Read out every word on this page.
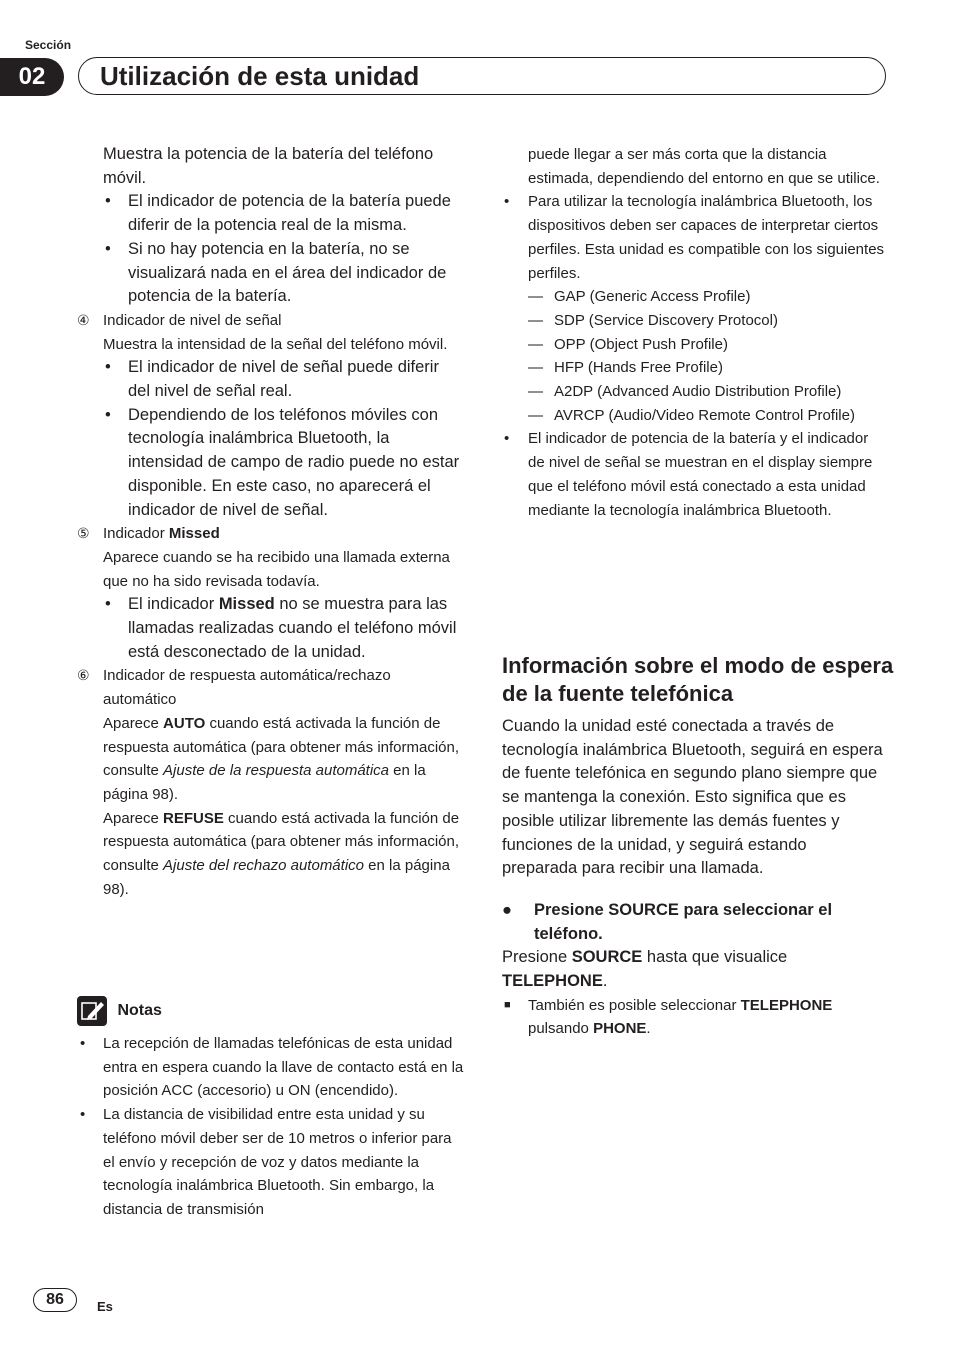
Sección
02	Utilización de esta unidad

Muestra la potencia de la batería del teléfono móvil.

• El indicador de potencia de la batería puede diferir de la potencia real de la misma.

• Si no hay potencia en la batería, no se visualizará nada en el área del indicador de potencia de la batería.

④ Indicador de nivel de señal

Muestra la intensidad de la señal del teléfono móvil.

• El indicador de nivel de señal puede diferir del nivel de señal real.

• Dependiendo de los teléfonos móviles con tecnología inalámbrica Bluetooth, la intensidad de campo de radio puede no estar disponible. En este caso, no aparecerá el indicador de nivel de señal.

⑤ Indicador Missed

Aparece cuando se ha recibido una llamada externa que no ha sido revisada todavía.

• El indicador Missed no se muestra para las llamadas realizadas cuando el teléfono móvil está desconectado de la unidad.

⑥ Indicador de respuesta automática/rechazo automático

Aparece AUTO cuando está activada la función de respuesta automática (para obtener más información, consulte Ajuste de la respuesta automática en la página 98).

Aparece REFUSE cuando está activada la función de respuesta automática (para obtener más información, consulte Ajuste del rechazo automático en la página 98).

Notas

• La recepción de llamadas telefónicas de esta unidad entra en espera cuando la llave de contacto está en la posición ACC (accesorio) u ON (encendido).

• La distancia de visibilidad entre esta unidad y su teléfono móvil deber ser de 10 metros o inferior para el envío y recepción de voz y datos mediante la tecnología inalámbrica Bluetooth. Sin embargo, la distancia de transmisión

puede llegar a ser más corta que la distancia estimada, dependiendo del entorno en que se utilice.

• Para utilizar la tecnología inalámbrica Bluetooth, los dispositivos deben ser capaces de interpretar ciertos perfiles. Esta unidad es compatible con los siguientes perfiles.

— GAP (Generic Access Profile)

— SDP (Service Discovery Protocol)

— OPP (Object Push Profile)

— HFP (Hands Free Profile)

— A2DP (Advanced Audio Distribution Profile)

— AVRCP (Audio/Video Remote Control Profile)

• El indicador de potencia de la batería y el indicador de nivel de señal se muestran en el display siempre que el teléfono móvil está conectado a esta unidad mediante la tecnología inalámbrica Bluetooth.

Información sobre el modo de espera de la fuente telefónica

Cuando la unidad esté conectada a través de tecnología inalámbrica Bluetooth, seguirá en espera de fuente telefónica en segundo plano siempre que se mantenga la conexión. Esto significa que es posible utilizar libremente las demás fuentes y funciones de la unidad, y seguirá estando preparada para recibir una llamada.

● Presione SOURCE para seleccionar el teléfono.

Presione SOURCE hasta que visualice TELEPHONE.

■ También es posible seleccionar TELEPHONE pulsando PHONE.

86	Es
